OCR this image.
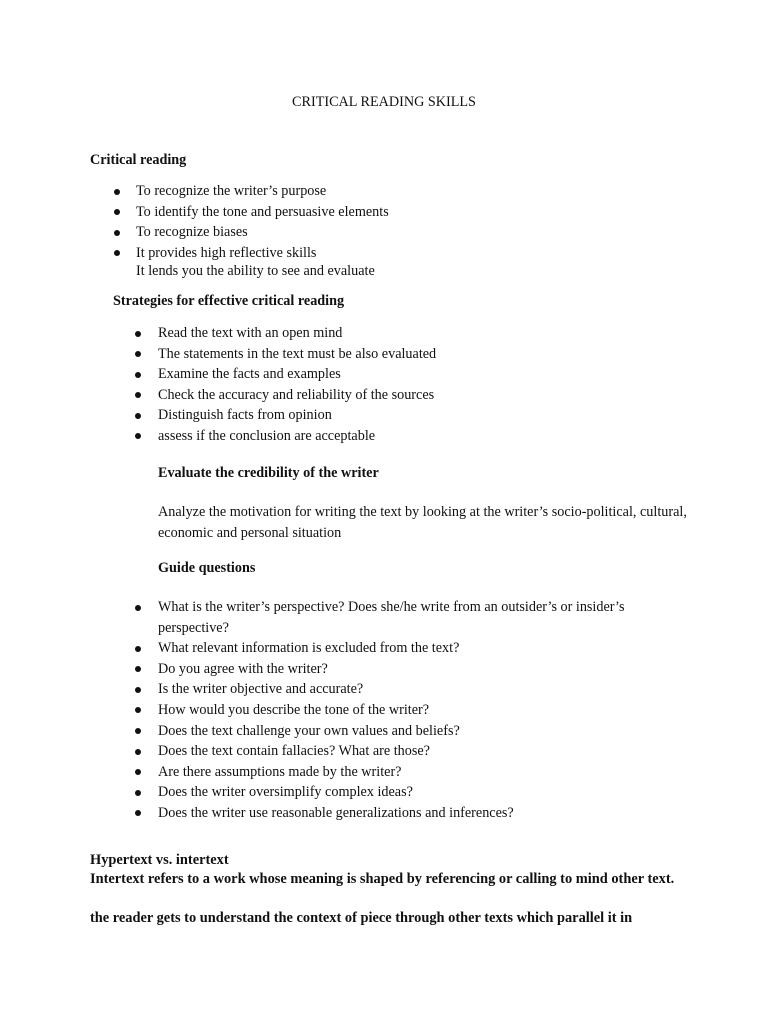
CRITICAL READING SKILLS
Critical reading
To recognize the writer’s purpose
To identify the tone and persuasive elements
To recognize biases
It provides high reflective skills
It lends you the ability to see and evaluate
Strategies for effective critical reading
Read the text with an open mind
The statements in the text must be also evaluated
Examine the facts and examples
Check the accuracy and reliability of the sources
Distinguish facts from opinion
assess if the conclusion are acceptable
Evaluate the credibility of the writer
Analyze the motivation for writing the text by looking at the writer’s socio-political, cultural, economic and personal situation
Guide questions
What is the writer’s perspective? Does she/he write from an outsider’s or insider’s perspective?
What relevant information is excluded from the text?
Do you agree with the writer?
Is the writer objective and accurate?
How would you describe the tone of the writer?
Does the text challenge your own values and beliefs?
Does the text contain fallacies? What are those?
Are there assumptions made by the writer?
Does the writer oversimplify complex ideas?
Does the writer use reasonable generalizations and inferences?
Hypertext vs. intertext
Intertext refers to a work whose meaning is shaped by referencing or calling to mind other text.
the reader gets to understand the context of piece through other texts which parallel it in
